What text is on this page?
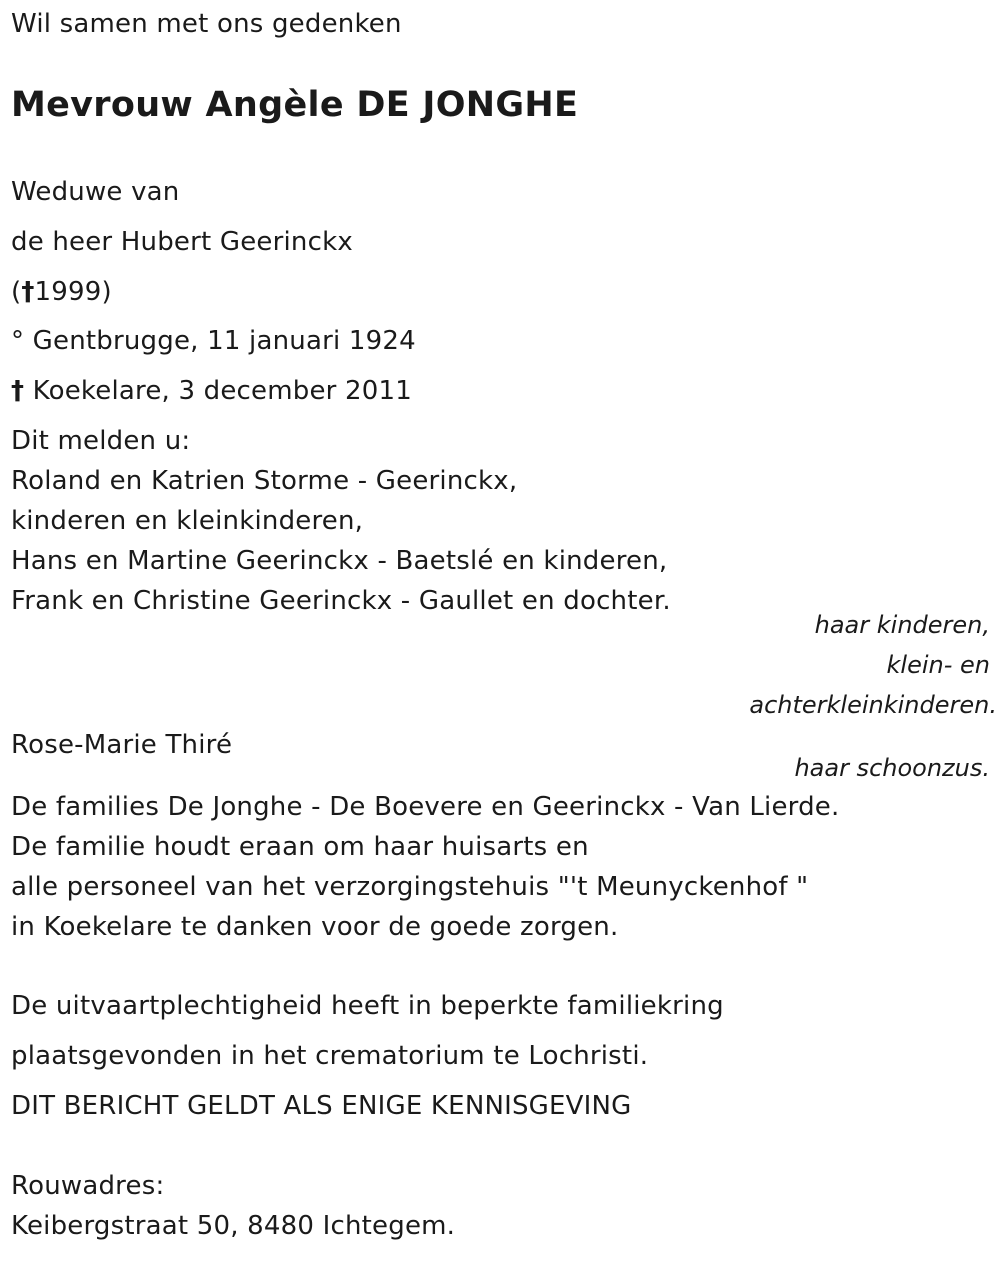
Wil samen met ons gedenken
Mevrouw Angèle DE JONGHE
Weduwe van
de heer Hubert Geerinckx
(†1999)
° Gentbrugge, 11 januari 1924
† Koekelare, 3 december 2011
Dit melden u:
Roland en Katrien Storme - Geerinckx,
kinderen en kleinkinderen,
Hans en Martine Geerinckx - Baetslé en kinderen,
Frank en Christine Geerinckx - Gaullet en dochter.
haar kinderen,
klein- en
achterkleinkinderen.
Rose-Marie Thiré
haar schoonzus.
De families De Jonghe - De Boevere en Geerinckx - Van Lierde.
De familie houdt eraan om haar huisarts en
alle personeel van het verzorgingstehuis "'t Meunyckenhof "
in Koekelare te danken voor de goede zorgen.
De uitvaartplechtigheid heeft in beperkte familiekring
plaatsgevonden in het crematorium te Lochristi.
DIT BERICHT GELDT ALS ENIGE KENNISGEVING
Rouwadres:
Keibergstraat 50, 8480 Ichtegem.
